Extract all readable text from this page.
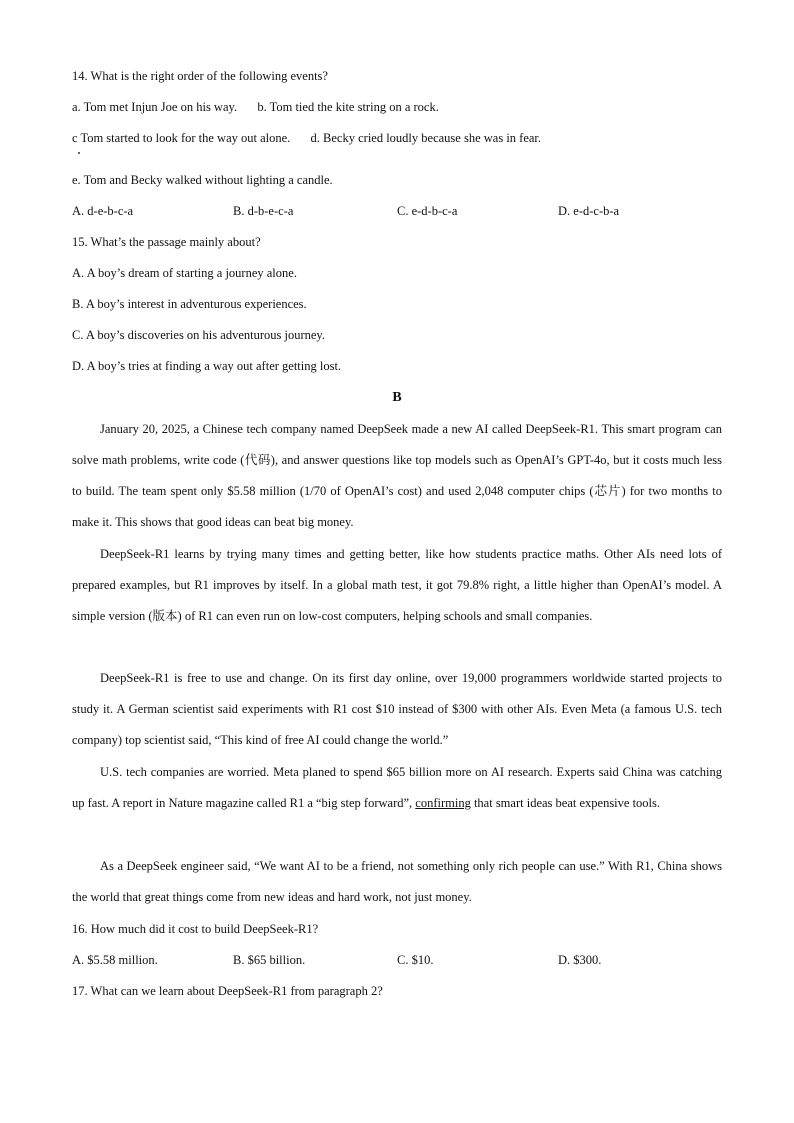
14. What is the right order of the following events?
a. Tom met Injun Joe on his way. b. Tom tied the kite string on a rock.
c Tom started to look for the way out alone. d. Becky cried loudly because she was in fear.
e. Tom and Becky walked without lighting a candle.
A. d-e-b-c-a	B. d-b-e-c-a	C. e-d-b-c-a	D. e-d-c-b-a
15. What’s the passage mainly about?
A. A boy’s dream of starting a journey alone.
B. A boy’s interest in adventurous experiences.
C. A boy’s discoveries on his adventurous journey.
D. A boy’s tries at finding a way out after getting lost.
B
January 20, 2025, a Chinese tech company named DeepSeek made a new AI called DeepSeek-R1. This smart program can solve math problems, write code (代码), and answer questions like top models such as OpenAI’s GPT-4o, but it costs much less to build. The team spent only $5.58 million (1/70 of OpenAI’s cost) and used 2,048 computer chips (芯片) for two months to make it. This shows that good ideas can beat big money.
DeepSeek-R1 learns by trying many times and getting better, like how students practice maths. Other AIs need lots of prepared examples, but R1 improves by itself. In a global math test, it got 79.8% right, a little higher than OpenAI’s model. A simple version (版本) of R1 can even run on low-cost computers, helping schools and small companies.
DeepSeek-R1 is free to use and change. On its first day online, over 19,000 programmers worldwide started projects to study it. A German scientist said experiments with R1 cost $10 instead of $300 with other AIs. Even Meta (a famous U.S. tech company) top scientist said, “This kind of free AI could change the world.”
U.S. tech companies are worried. Meta planed to spend $65 billion more on AI research. Experts said China was catching up fast. A report in Nature magazine called R1 a “big step forward”, confirming that smart ideas beat expensive tools.
As a DeepSeek engineer said, “We want AI to be a friend, not something only rich people can use.” With R1, China shows the world that great things come from new ideas and hard work, not just money.
16. How much did it cost to build DeepSeek-R1?
A. $5.58 million.	B. $65 billion.	C. $10.	D. $300.
17. What can we learn about DeepSeek-R1 from paragraph 2?
